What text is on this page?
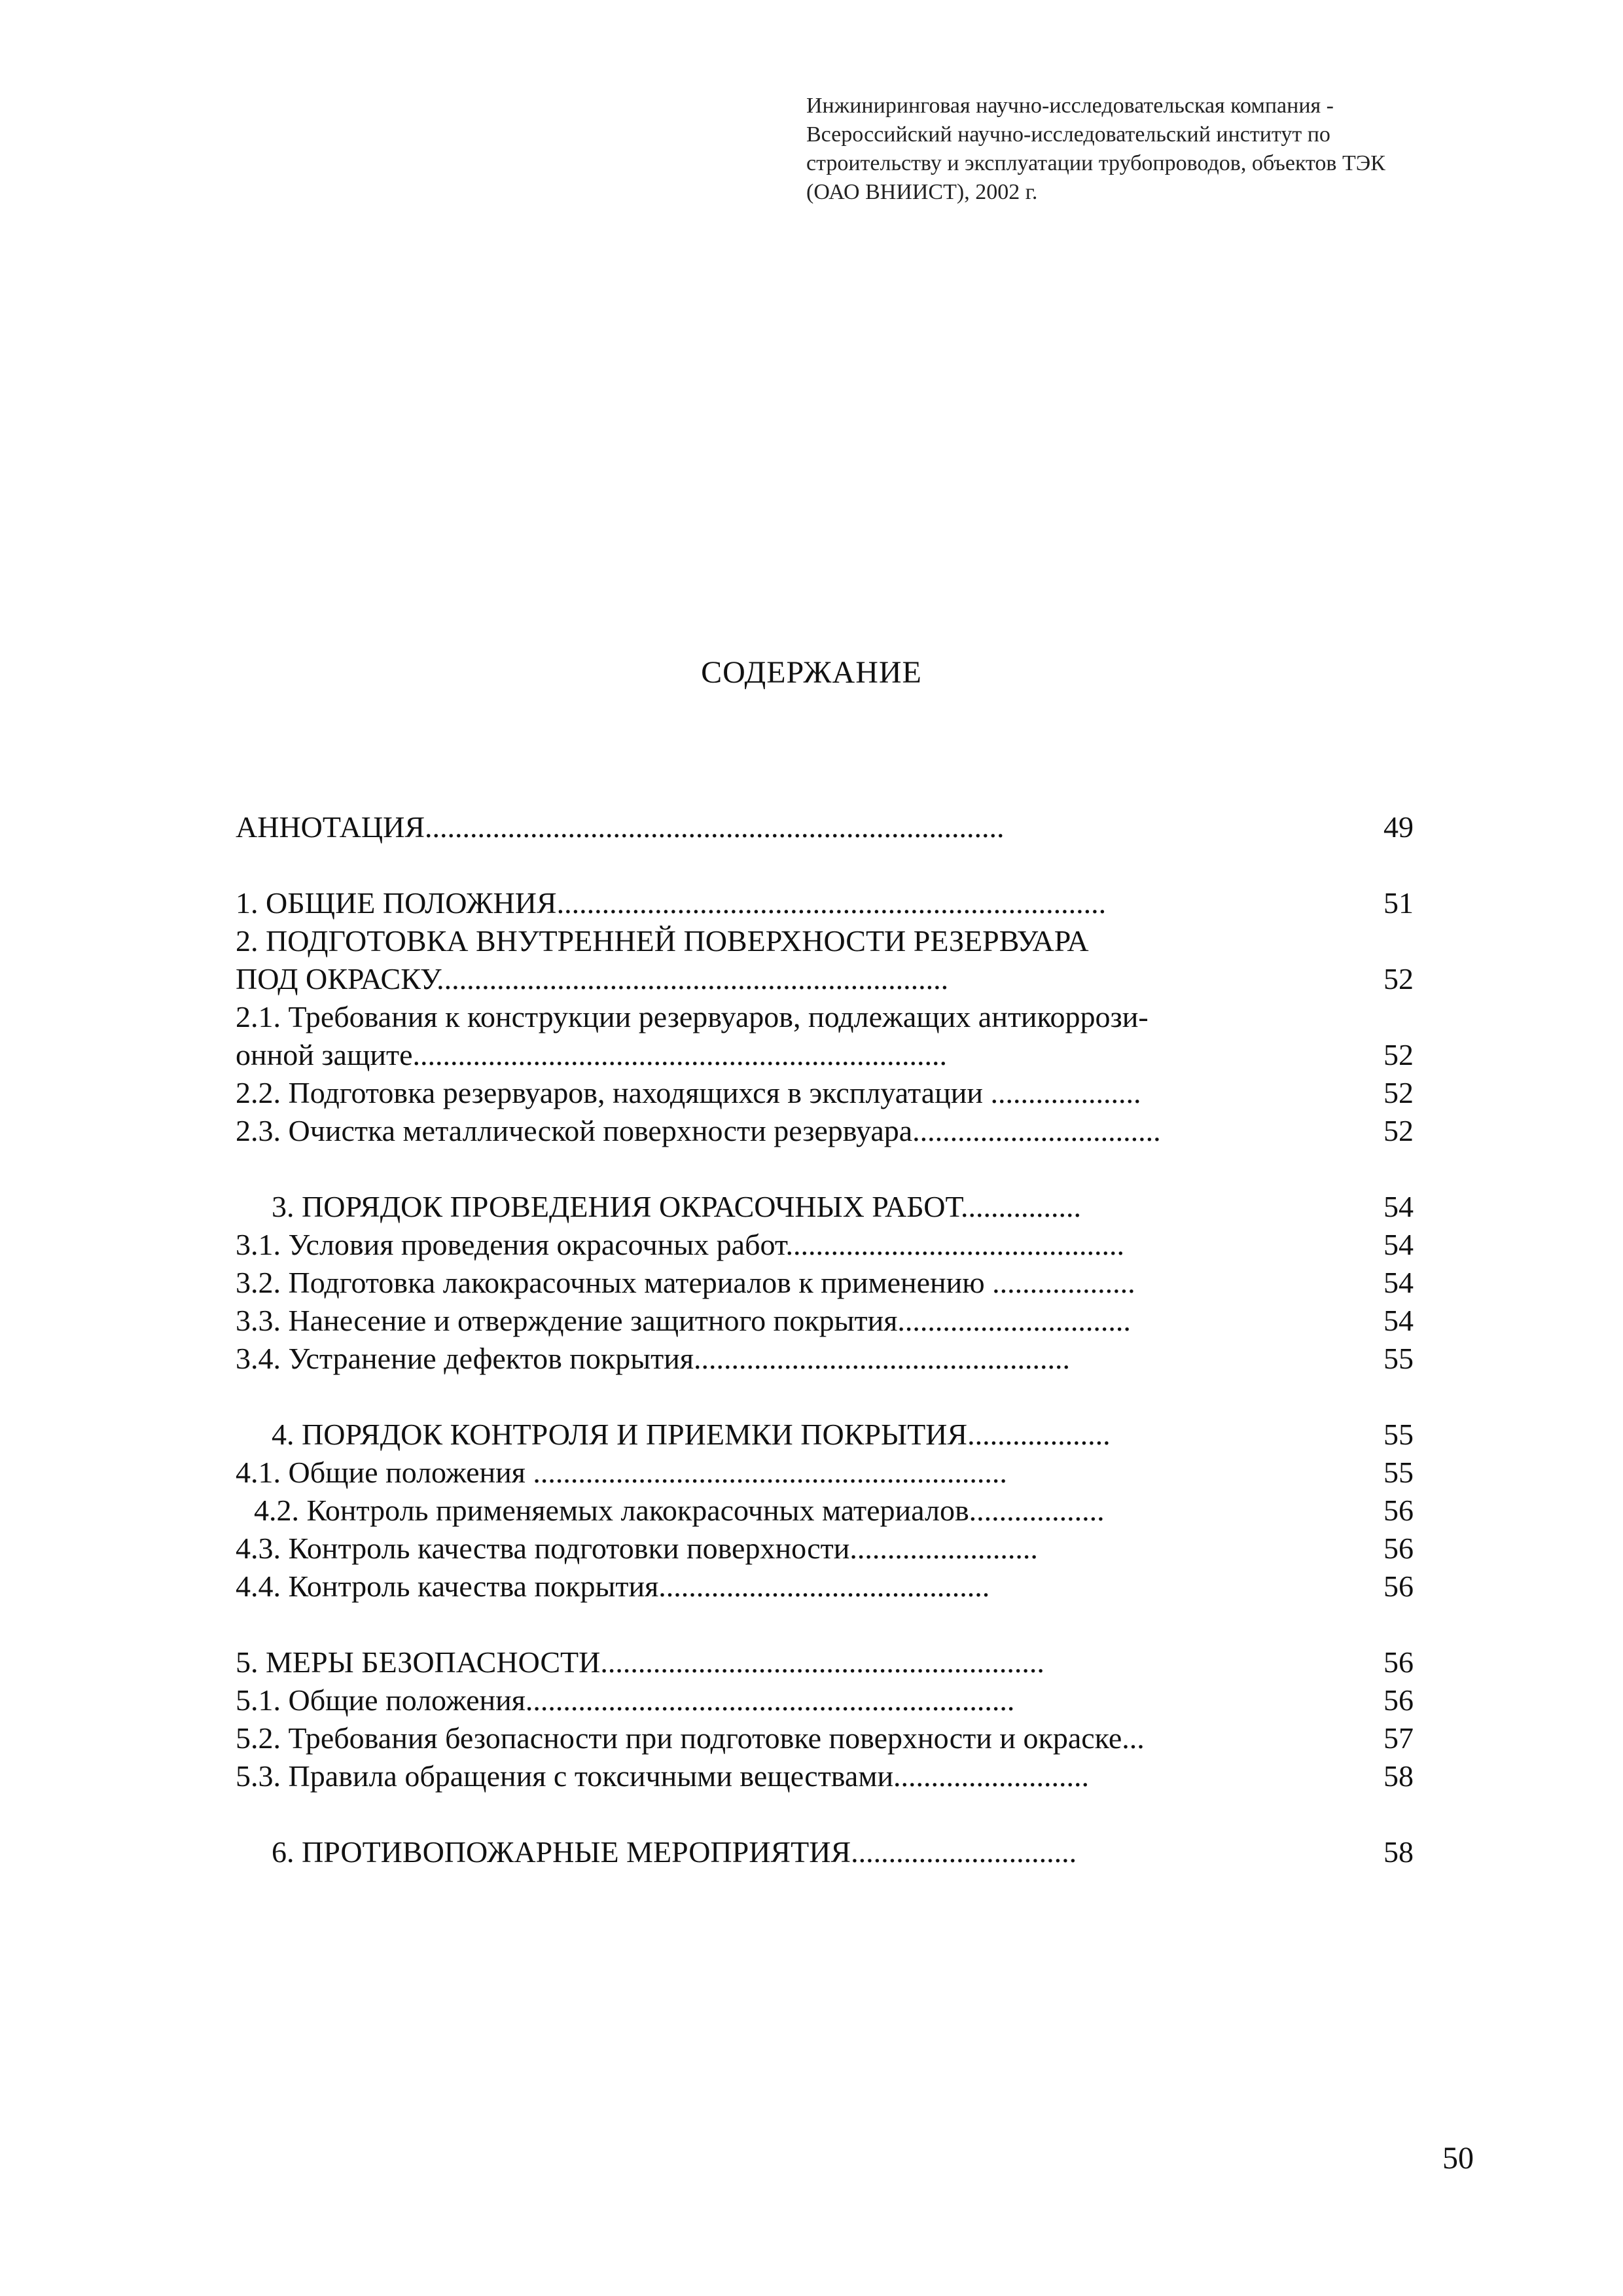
Инжиниринговая научно-исследовательская компания -
Всероссийский научно-исследовательский институт по
строительству и эксплуатации трубопроводов, объектов ТЭК
(ОАО ВНИИСТ), 2002 г.
СОДЕРЖАНИЕ
АННОТАЦИЯ.............................................................................	49
1. ОБЩИЕ ПОЛОЖНИЯ.........................................................................	51
2. ПОДГОТОВКА ВНУТРЕННЕЙ ПОВЕРХНОСТИ РЕЗЕРВУАРА
ПОД ОКРАСКУ....................................................................	52
2.1. Требования к конструкции резервуаров, подлежащих антикоррози-
онной защите.......................................................................	52
2.2. Подготовка резервуаров, находящихся в эксплуатации ....................	52
2.3. Очистка металлической поверхности резервуара.................................	52
3. ПОРЯДОК ПРОВЕДЕНИЯ ОКРАСОЧНЫХ РАБОТ................	54
3.1. Условия проведения окрасочных работ.............................................	54
3.2. Подготовка лакокрасочных материалов к применению ...................	54
3.3. Нанесение и отверждение защитного покрытия...............................	54
3.4. Устранение дефектов покрытия..................................................	55
4. ПОРЯДОК КОНТРОЛЯ И ПРИЕМКИ ПОКРЫТИЯ...................	55
4.1. Общие положения ...............................................................	55
4.2. Контроль применяемых лакокрасочных материалов..................	56
4.3. Контроль качества подготовки поверхности.........................	56
4.4. Контроль качества покрытия............................................	56
5. МЕРЫ БЕЗОПАСНОСТИ...........................................................	56
5.1. Общие положения.................................................................	56
5.2. Требования безопасности при подготовке поверхности и окраске...	57
5.3. Правила обращения с токсичными веществами..........................	58
6. ПРОТИВОПОЖАРНЫЕ МЕРОПРИЯТИЯ..............................	58
50
